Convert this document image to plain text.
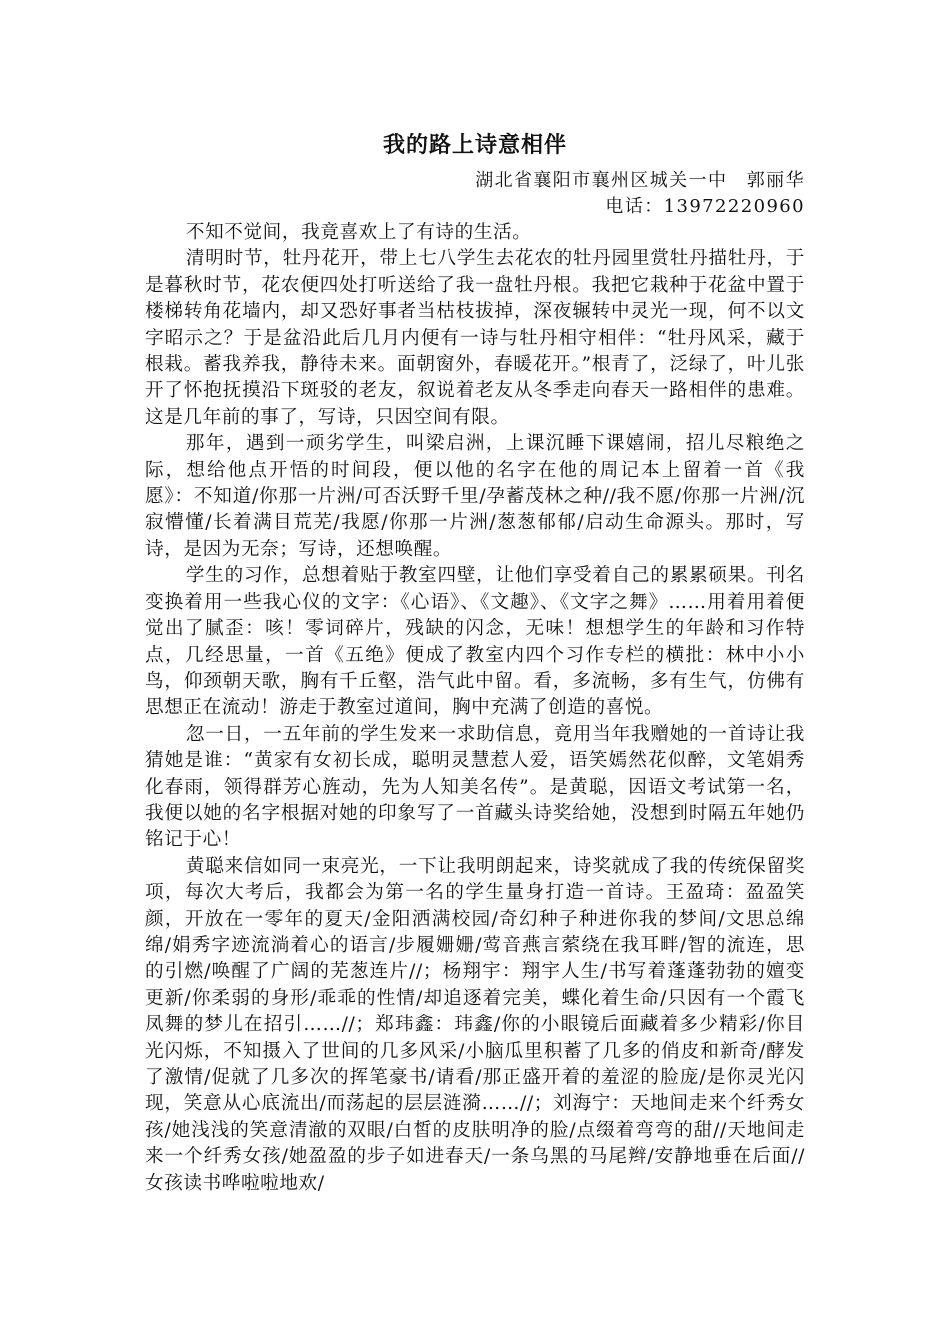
我的路上诗意相伴
湖北省襄阳市襄州区城关一中　郭丽华
电话：13972220960

不知不觉间，我竟喜欢上了有诗的生活。

清明时节，牡丹花开，带上七八学生去花农的牡丹园里赏牡丹描牡丹，于是暮秋时节，花农便四处打听送给了我一盘牡丹根。我把它栽种于花盆中置于楼梯转角花墙内，却又恐好事者当枯枝拔掉，深夜辗转中灵光一现，何不以文字昭示之？于是盆沿此后几月内便有一诗与牡丹相守相伴：“牡丹风采，藏于根栽。蓄我养我，静待未来。面朝窗外，春暖花开。”根青了，泛绿了，叶儿张开了怀抱抚摸沿下斑驳的老友，叙说着老友从冬季走向春天一路相伴的患难。这是几年前的事了，写诗，只因空间有限。

那年，遇到一顽劣学生，叫梁启洲，上课沉睡下课嬉闹，招儿尽粮绝之际，想给他点开悟的时间段，便以他的名字在他的周记本上留着一首《我愿》：不知道/你那一片洲/可否沃野千里/孕蓄茂林之种//我不愿/你那一片洲/沉寂懵懂/长着满目荒芜/我愿/你那一片洲/葱葱郁郁/启动生命源头。那时，写诗，是因为无奈；写诗，还想唤醒。

学生的习作，总想着贴于教室四壁，让他们享受着自己的累累硕果。刊名变换着用一些我心仪的文字：《心语》、《文趣》、《文字之舞》……用着用着便觉出了腻歪：咳！零词碎片，残缺的闪念，无味！想想学生的年龄和习作特点，几经思量，一首《五绝》便成了教室内四个习作专栏的横批：林中小小鸟，仰颈朝天歌，胸有千丘壑，浩气此中留。看，多流畅，多有生气，仿佛有思想正在流动！游走于教室过道间，胸中充满了创造的喜悦。

忽一日，一五年前的学生发来一求助信息，竟用当年我赠她的一首诗让我猜她是谁：“黄家有女初长成，聪明灵慧惹人爱，语笑嫣然花似醉，文笔娟秀化春雨，领得群芳心旌动，先为人知美名传”。是黄聪，因语文考试第一名，我便以她的名字根据对她的印象写了一首藏头诗奖给她，没想到时隔五年她仍铭记于心！

黄聪来信如同一束亮光，一下让我明朗起来，诗奖就成了我的传统保留奖项，每次大考后，我都会为第一名的学生量身打造一首诗。王盈琦：盈盈笑颜，开放在一零年的夏天/金阳洒满校园/奇幻种子种进你我的梦间/文思总绵绵/娟秀字迹流淌着心的语言/步履姗姗/莺音燕言萦绕在我耳畔/智的流连，思的引燃/唤醒了广阔的芜葱连片//；杨翔宇：翔宇人生/书写着蓬蓬勃勃的嬗变更新/你柔弱的身形/乖乖的性情/却追逐着完美，蝶化着生命/只因有一个霞飞凤舞的梦儿在招引……//；郑玮鑫：玮鑫/你的小眼镜后面藏着多少精彩/你目光闪烁，不知摄入了世间的几多风采/小脑瓜里积蓄了几多的俏皮和新奇/酵发了激情/促就了几多次的挥笔豪书/请看/那正盛开着的羞涩的脸庞/是你灵光闪现，笑意从心底流出/而荡起的层层涟漪……//；刘海宁：天地间走来个纤秀女孩/她浅浅的笑意清澈的双眼/白皙的皮肤明净的脸/点缀着弯弯的甜//天地间走来一个纤秀女孩/她盈盈的步子如进春天/一条乌黑的马尾辫/安静地垂在后面//女孩读书哗啦啦地欢/
